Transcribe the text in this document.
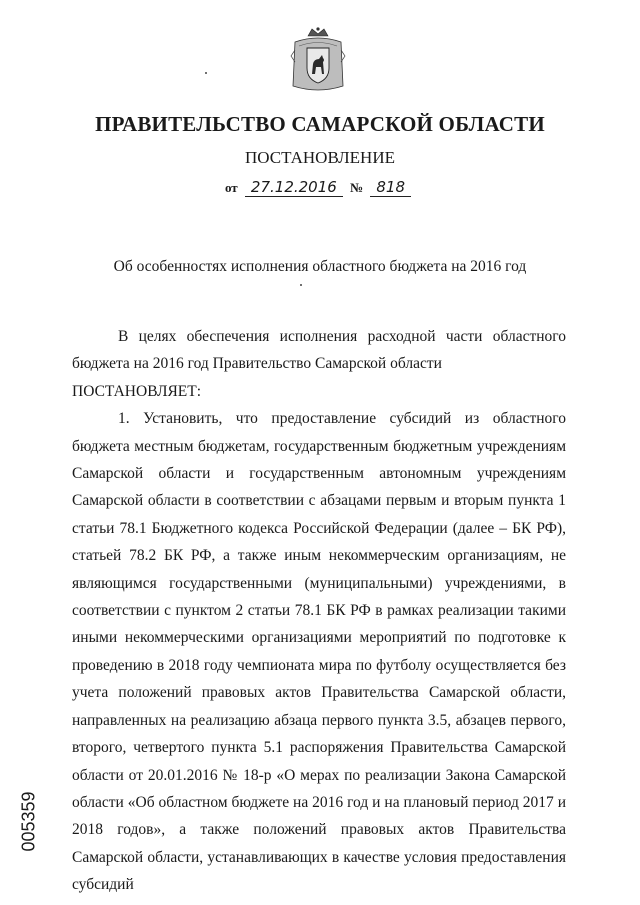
ПРАВИТЕЛЬСТВО САМАРСКОЙ ОБЛАСТИ
ПОСТАНОВЛЕНИЕ
от 27.12.2016 № 818
Об особенностях исполнения областного бюджета на 2016 год

В целях обеспечения исполнения расходной части областного бюджета на 2016 год Правительство Самарской области

ПОСТАНОВЛЯЕТ:

1. Установить, что предоставление субсидий из областного бюджета местным бюджетам, государственным бюджетным учреждениям Самарской области и государственным автономным учреждениям Самарской области в соответствии с абзацами первым и вторым пункта 1 статьи 78.1 Бюджетного кодекса Российской Федерации (далее – БК РФ), статьей 78.2 БК РФ, а также иным некоммерческим организациям, не являющимся государственными (муниципальными) учреждениями, в соответствии с пунктом 2 статьи 78.1 БК РФ в рамках реализации такими иными некоммерческими организациями мероприятий по подготовке к проведению в 2018 году чемпионата мира по футболу осуществляется без учета положений правовых актов Правительства Самарской области, направленных на реализацию абзаца первого пункта 3.5, абзацев первого, второго, четвертого пункта 5.1 распоряжения Правительства Самарской области от 20.01.2016 № 18-р «О мерах по реализации Закона Самарской области «Об областном бюджете на 2016 год и на плановый период 2017 и 2018 годов», а также положений правовых актов Правительства Самарской области, устанавливающих в качестве условия предоставления субсидий

005359
